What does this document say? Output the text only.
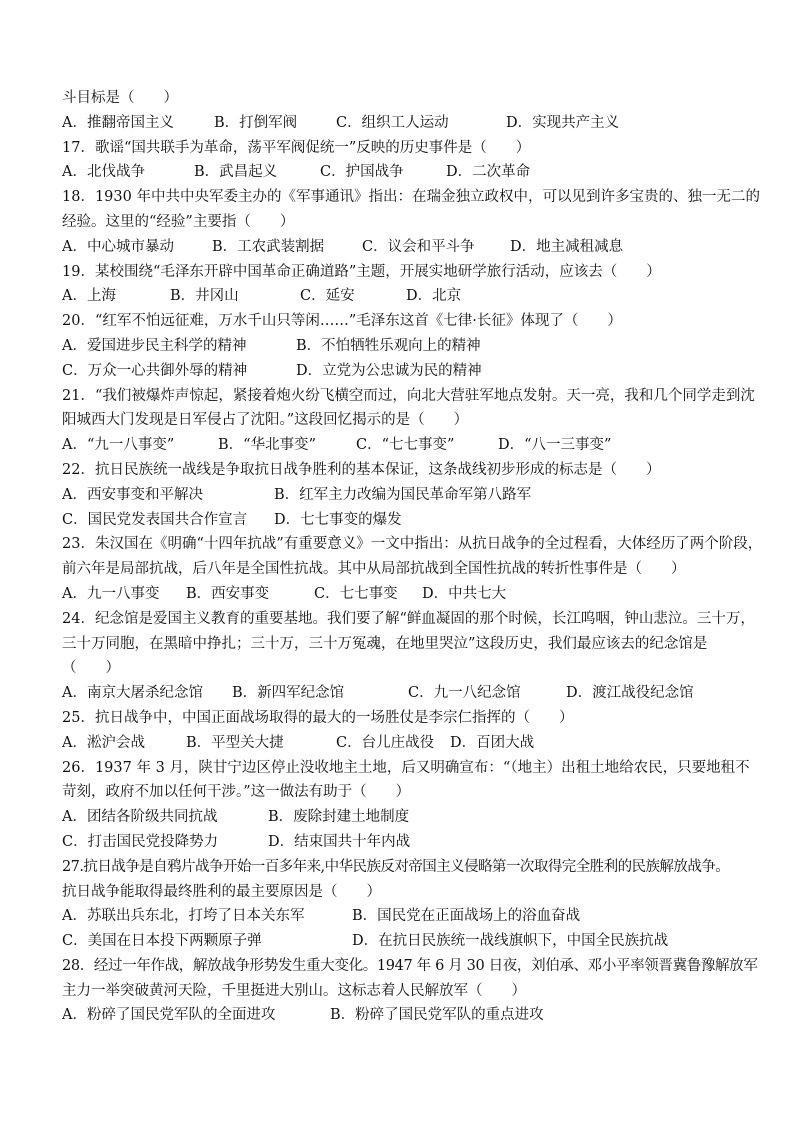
斗目标是（　　）
A．推翻帝国主义	B．打倒军阀	C．组织工人运动	D．实现共产主义
17．歌谣“国共联手为革命，荡平军阀促统一”反映的历史事件是（　　）
A．北伐战争	B．武昌起义	C．护国战争	D．二次革命
18．1930 年中共中央军委主办的《军事通讯》指出：在瑞金独立政权中，可以见到许多宝贵的、独一无二的
经验。这里的“经验”主要指（　　）
A．中心城市暴动	B．工农武装割据	C．议会和平斗争	D．地主减租减息
19．某校围绕“毛泽东开辟中国革命正确道路”主题，开展实地研学旅行活动，应该去（　　）
A．上海	B．井冈山	C．延安	D．北京
20．“红军不怕远征难，万水千山只等闲……”毛泽东这首《七律·长征》体现了（　　）
A．爱国进步民主科学的精神	B．不怕牺牲乐观向上的精神
C．万众一心共御外辱的精神	D．立党为公忠诚为民的精神
21．“我们被爆炸声惊起，紧接着炮火纷飞横空而过，向北大营驻军地点发射。天一亮，我和几个同学走到沈
阳城西大门发现是日军侵占了沈阳。”这段回忆揭示的是（　　）
A．“九一八事变”	B．“华北事变”	C．“七七事变”	D．“八一三事变”
22．抗日民族统一战线是争取抗日战争胜利的基本保证，这条战线初步形成的标志是（　　）
A．西安事变和平解决	B．红军主力改编为国民革命军第八路军
C．国民党发表国共合作宣言	D．七七事变的爆发
23．朱汉国在《明确“十四年抗战”有重要意义》一文中指出：从抗日战争的全过程看，大体经历了两个阶段，
前六年是局部抗战，后八年是全国性抗战。其中从局部抗战到全国性抗战的转折性事件是（　　）
A．九一八事变	B．西安事变	C．七七事变	D．中共七大
24．纪念馆是爱国主义教育的重要基地。我们要了解“鲜血凝固的那个时候，长江呜咽，钟山悲泣。三十万，
三十万同胞，在黑暗中挣扎；三十万，三十万冤魂，在地里哭泣”这段历史，我们最应该去的纪念馆是
（　　）
A．南京大屠杀纪念馆	B．新四军纪念馆	C．九一八纪念馆	D．渡江战役纪念馆
25．抗日战争中，中国正面战场取得的最大的一场胜仗是李宗仁指挥的（　　）
A．淞沪会战	B．平型关大捷	C．台儿庄战役	D．百团大战
26．1937 年 3 月，陕甘宁边区停止没收地主土地，后又明确宣布：“（地主）出租土地给农民，只要地租不
苛刻，政府不加以任何干涉。”这一做法有助于（　　）
A．团结各阶级共同抗战	B．废除封建土地制度
C．打击国民党投降势力	D．结束国共十年内战
27.抗日战争是自鸦片战争开始一百多年来,中华民族反对帝国主义侵略第一次取得完全胜利的民族解放战争。
抗日战争能取得最终胜利的最主要原因是（　　）
A．苏联出兵东北，打垮了日本关东军	B．国民党在正面战场上的浴血奋战
C．美国在日本投下两颗原子弹	D．在抗日民族统一战线旗帜下，中国全民族抗战
28．经过一年作战，解放战争形势发生重大变化。1947 年 6 月 30 日夜，刘伯承、邓小平率领晋冀鲁豫解放军
主力一举突破黄河天险，千里挺进大别山。这标志着人民解放军（　　）
A．粉碎了国民党军队的全面进攻	B．粉碎了国民党军队的重点进攻
